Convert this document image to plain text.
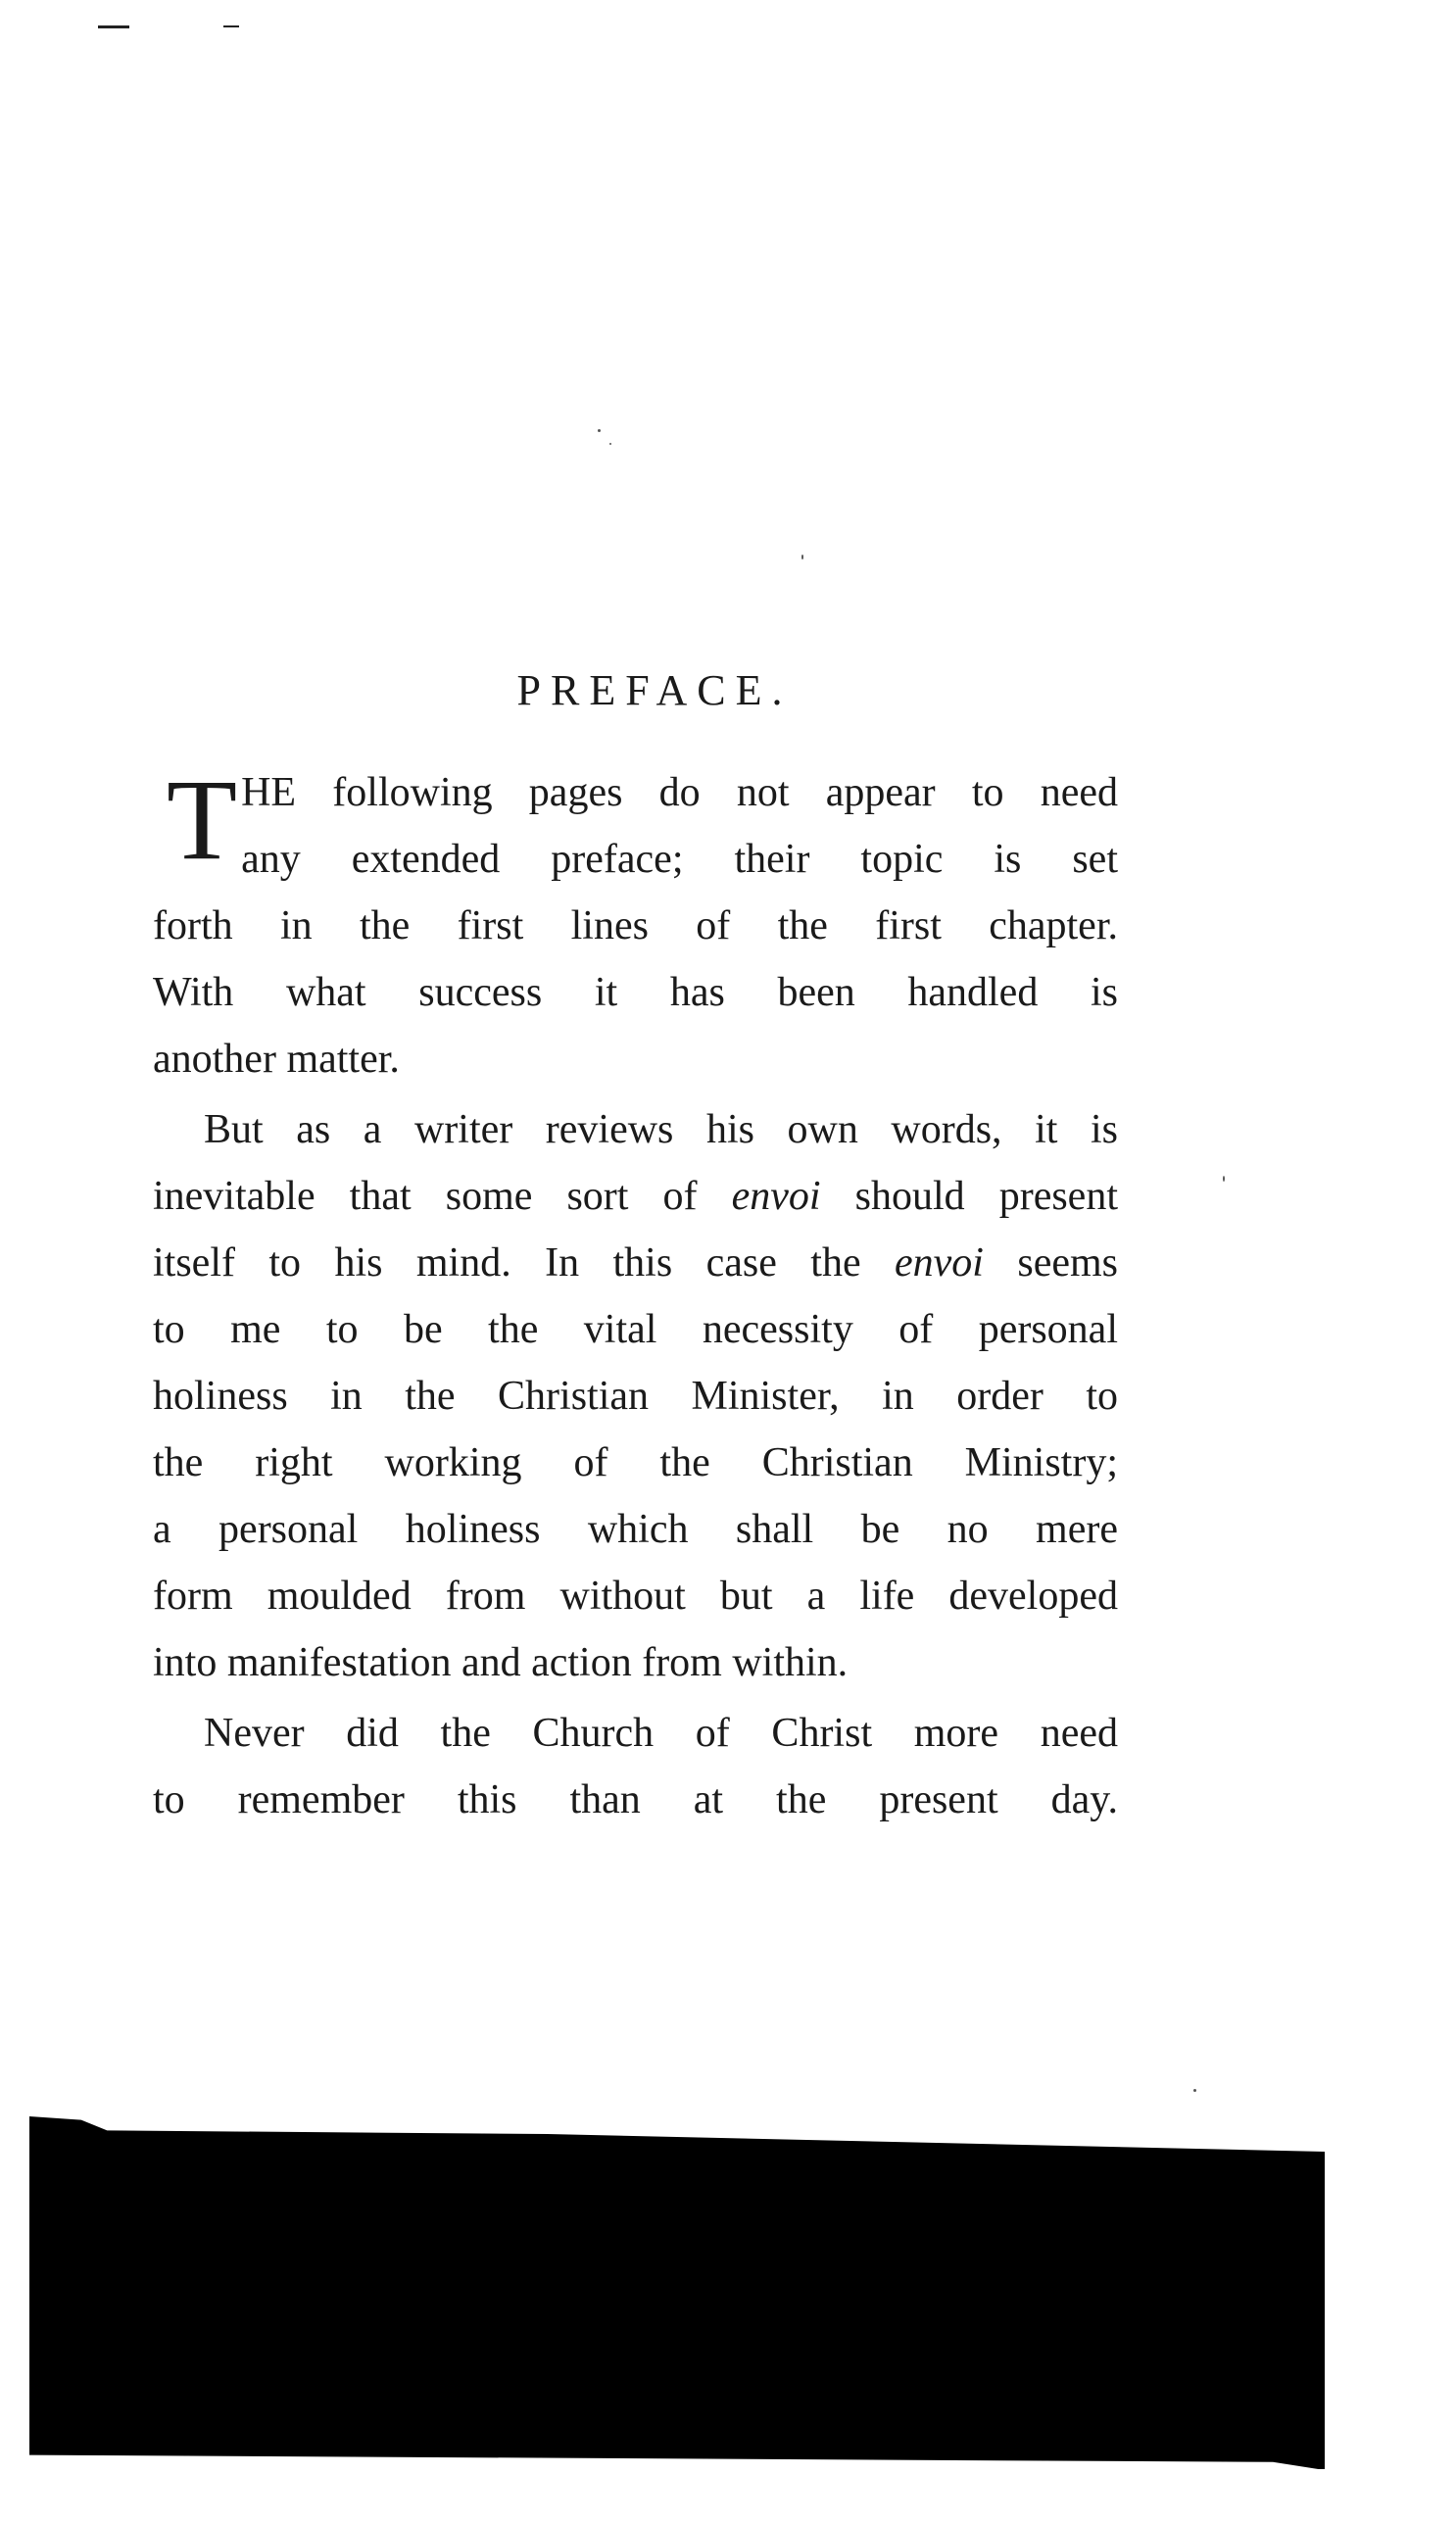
PREFACE.
T HE following pages do not appear to need
any extended preface; their topic is set
forth in the first lines of the first chapter.
With what success it has been handled is
another matter.
But as a writer reviews his own words, it is
inevitable that some sort of envoi should present
itself to his mind. In this case the envoi seems
to me to be the vital necessity of personal
holiness in the Christian Minister, in order to
the right working of the Christian Ministry;
a personal holiness which shall be no mere
form moulded from without but a life developed
into manifestation and action from within.
Never did the Church of Christ more need
to remember this than at the present day.
